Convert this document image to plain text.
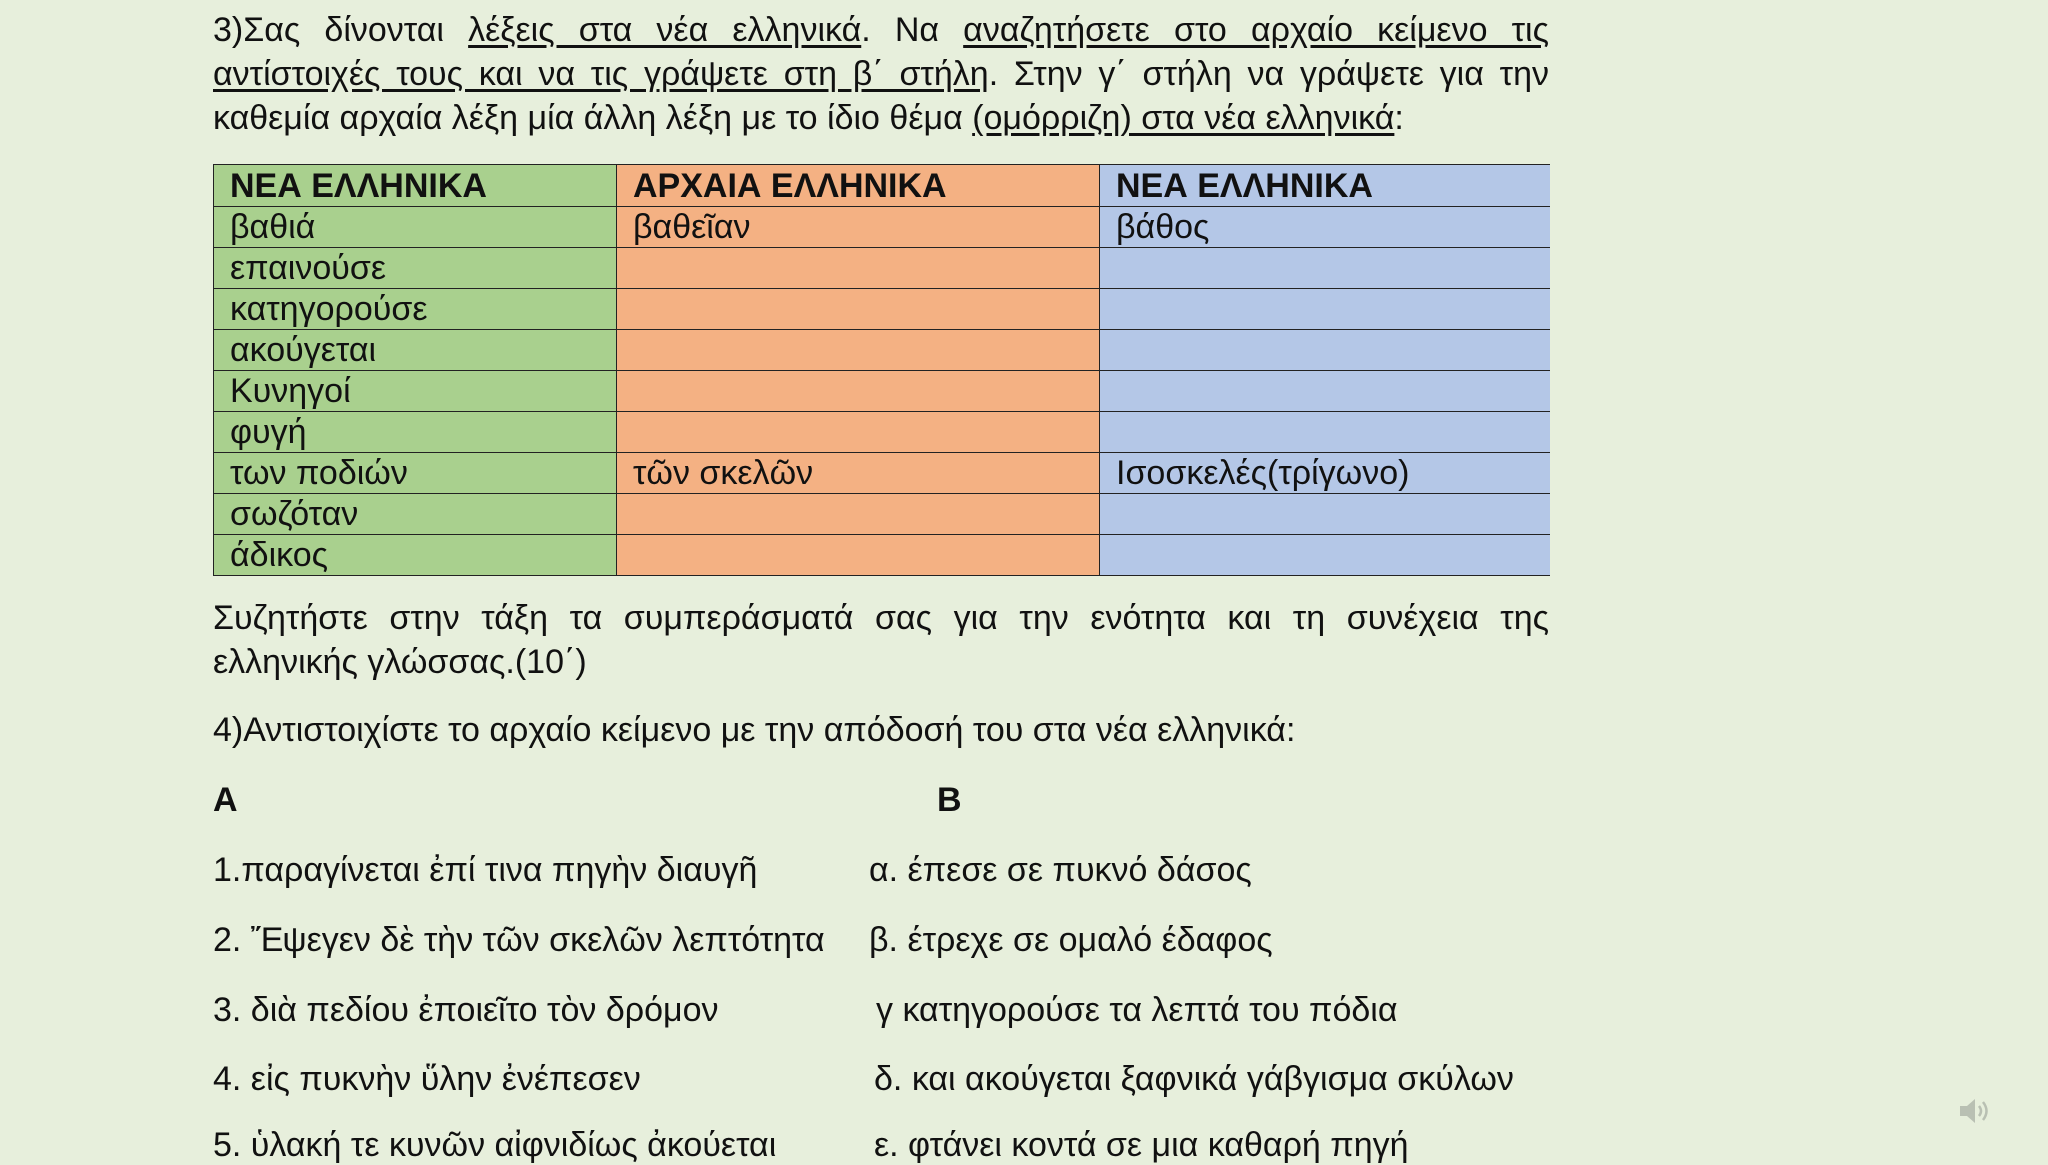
3)Σας δίνονται λέξεις στα νέα ελληνικά. Να αναζητήσετε στο αρχαίο κείμενο τις αντίστοιχές τους και να τις γράψετε στη β΄ στήλη. Στην γ΄ στήλη να γράψετε για την καθεμία αρχαία λέξη μία άλλη λέξη με το ίδιο θέμα (ομόρριζη) στα νέα ελληνικά:
ΝΕΑ ΕΛΛΗΝΙΚΑ	ΑΡΧΑΙΑ ΕΛΛΗΝΙΚΑ	ΝΕΑ ΕΛΛΗΝΙΚΑ
βαθιά	βαθεῖαν	βάθος
επαινούσε		
κατηγορούσε		
ακούγεται		
Κυνηγοί		
φυγή		
των ποδιών	τῶν σκελῶν	Ισοσκελές(τρίγωνο)
σωζόταν		
άδικος		
Συζητήστε στην τάξη τα συμπεράσματά σας για την ενότητα και τη συνέχεια της ελληνικής γλώσσας.(10΄)
4)Αντιστοιχίστε το αρχαίο κείμενο με την απόδοσή του στα νέα ελληνικά:
Α	Β
1.παραγίνεται ἐπί τινα πηγὴν διαυγῆ	α. έπεσε σε πυκνό δάσος
2. Ἔψεγεν δὲ τὴν τῶν σκελῶν λεπτότητα β. έτρεχε σε ομαλό έδαφος
3. διὰ πεδίου ἐποιεῖτο τὸν δρόμον	γ κατηγορούσε τα λεπτά του πόδια
4. εἰς πυκνὴν ὕλην ἐνέπεσεν	δ. και ακούγεται ξαφνικά γάβγισμα σκύλων
5. ὑλακή τε κυνῶν αἰφνιδίως ἀκούεται	ε. φτάνει κοντά σε μια καθαρή πηγή
